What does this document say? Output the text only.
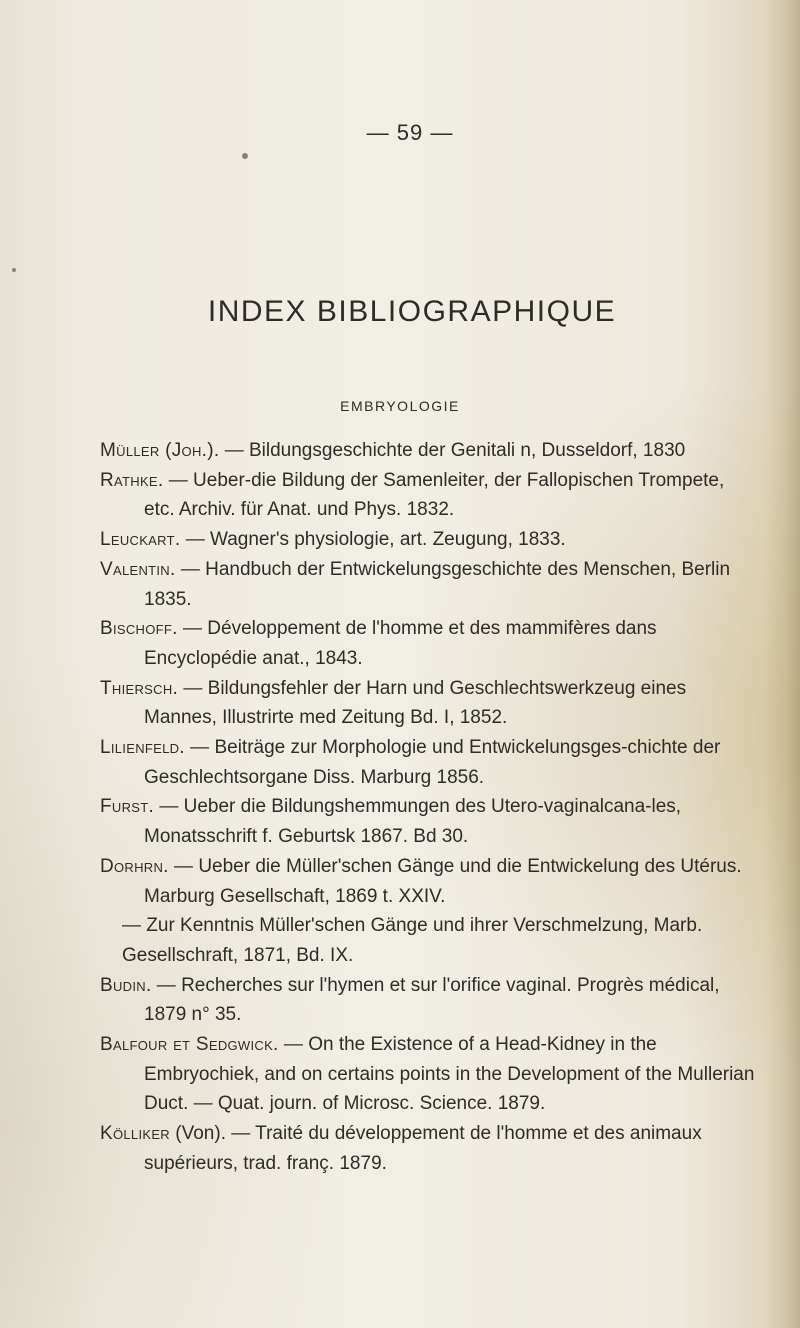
— 59 —
INDEX BIBLIOGRAPHIQUE
EMBRYOLOGIE

Müller (Joh.). — Bildungsgeschichte der Genitali n, Dusseldorf, 1830

Rathke. — Ueber-die Bildung der Samenleiter, der Fallopischen Trompete, etc. Archiv. für Anat. und Phys. 1832.

Leuckart. — Wagner's physiologie, art. Zeugung, 1833.

Valentin. — Handbuch der Entwickelungsgeschichte des Menschen, Berlin 1835.

Bischoff. — Développement de l'homme et des mammifères dans Encyclopédie anat., 1843.

Thiersch. — Bildungsfehler der Harn und Geschlechtswerkzeug eines Mannes, Illustrirte med Zeitung Bd. I, 1852.

Lilienfeld. — Beiträge zur Morphologie und Entwickelungsges-chichte der Geschlechtsorgane Diss. Marburg 1856.

Furst. — Ueber die Bildungshemmungen des Utero-vaginalcana-les, Monatsschrift f. Geburtsk 1867. Bd 30.

Dorhrn. — Ueber die Müller'schen Gänge und die Entwickelung des Utérus. Marburg Gesellschaft, 1869 t. XXIV.

— Zur Kenntnis Müller'schen Gänge und ihrer Verschmelzung, Marb. Gesellschraft, 1871, Bd. IX.

Budin. — Recherches sur l'hymen et sur l'orifice vaginal. Progrès médical, 1879 n° 35.

Balfour et Sedgwick. — On the Existence of a Head-Kidney in the Embryochiek, and on certains points in the Development of the Mullerian Duct. — Quat. journ. of Microsc. Science. 1879.

Kölliker (Von). — Traité du développement de l'homme et des animaux supérieurs, trad. franç. 1879.
